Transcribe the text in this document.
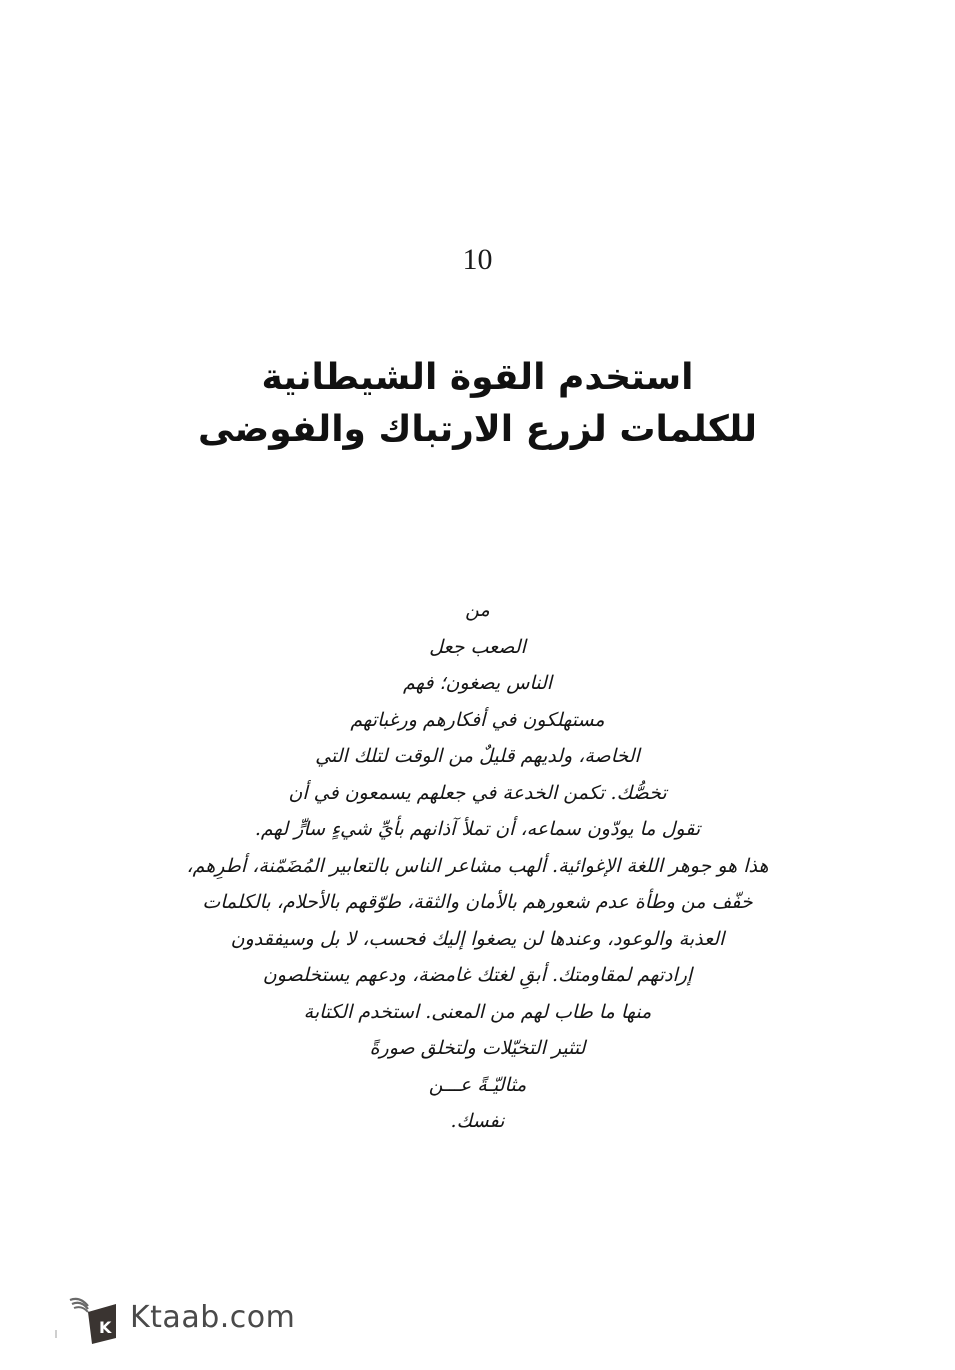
10
استخدم القوة الشيطانية
للكلمات لزرع الارتباك والفوضى
من
الصعب جعل
الناس يصغون؛ فهم
مستهلكون في أفكارهم ورغباتهم
الخاصة، ولديهم قليلٌ من الوقت لتلك التي
تخصُّك. تكمن الخدعة في جعلهم يسمعون في أن
تقول ما يودّون سماعه، أن تملأ آذانهم بأيِّ شيءٍ سارٍّ لهم.
هذا هو جوهر اللغة الإغوائية. ألهب مشاعر الناس بالتعابير المُضَمّنة، أطرِهم،
خفّف من وطأة عدم شعورهم بالأمان والثقة، طوّقهم بالأحلام، بالكلمات
العذبة والوعود، وعندها لن يصغوا إليك فحسب، لا بل وسيفقدون
إرادتهم لمقاومتك. أبقِ لغتك غامضة، ودعهم يستخلصون
منها ما طاب لهم من المعنى. استخدم الكتابة
لتثير التخيّلات ولتخلق صورةً
مثاليّـةً عـــن
نفسك.
K Ktaab.com
